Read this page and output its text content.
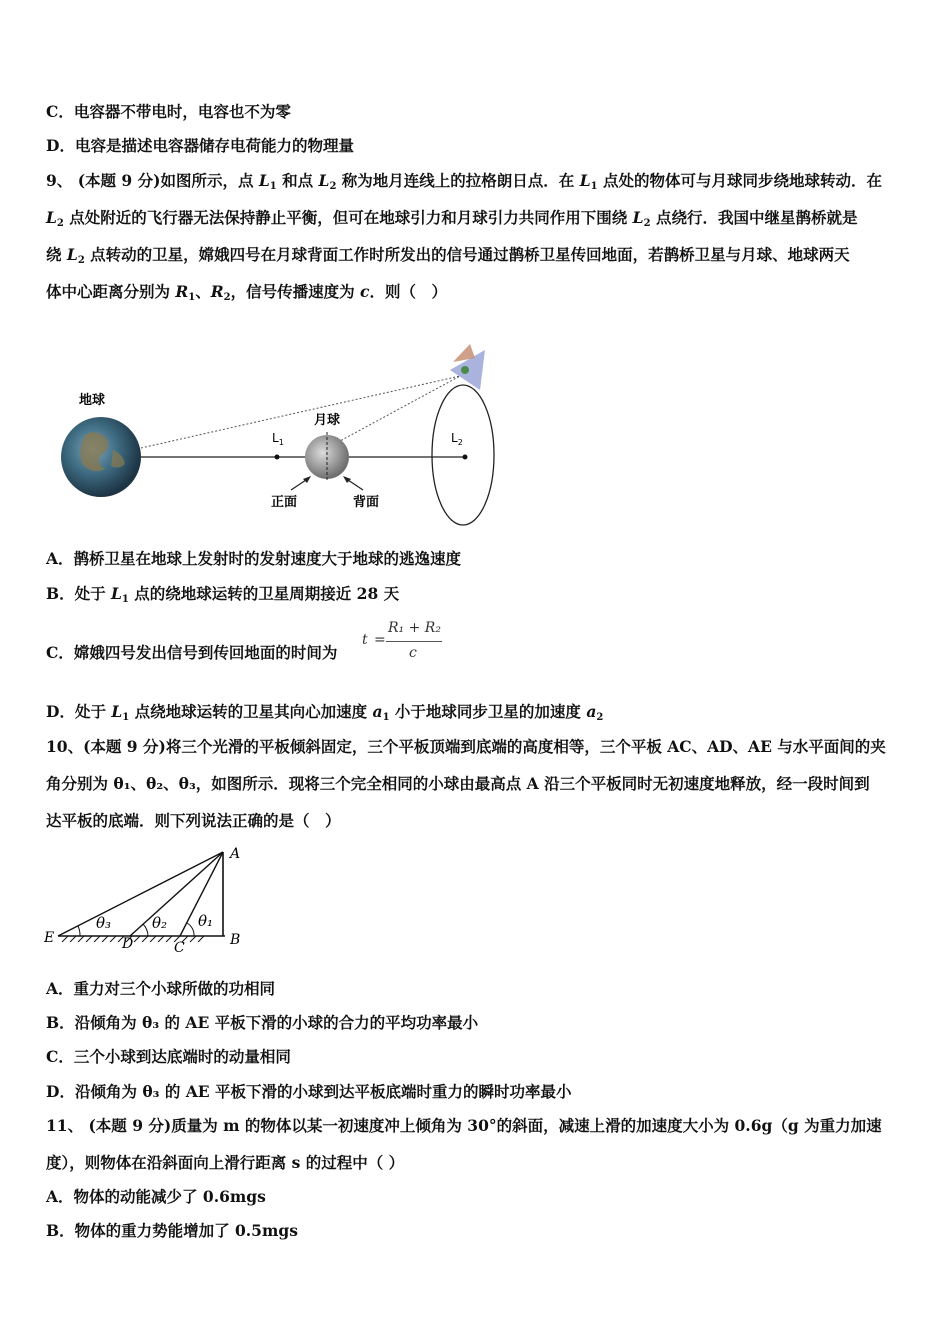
C．电容器不带电时，电容也不为零
D．电容是描述电容器储存电荷能力的物理量
9、 (本题 9 分)如图所示，点 $L_1$ 和点 $L_2$ 称为地月连线上的拉格朗日点．在 $L_1$ 点处的物体可与月球同步绕地球转动．在
$L_2$ 点处附近的飞行器无法保持静止平衡，但可在地球引力和月球引力共同作用下围绕 $L_2$ 点绕行．我国中继星鹊桥就是
绕 $L_2$ 点转动的卫星，嫦娥四号在月球背面工作时所发出的信号通过鹊桥卫星传回地面，若鹊桥卫星与月球、地球两天
体中心距离分别为 $R_1$、$R_2$，信号传播速度为 c．则（　）
地球
$L_1$
月球
$L_2$
正面	背面
A．鹊桥卫星在地球上发射时的发射速度大于地球的逃逸速度
B．处于 $L_1$ 点的绕地球运转的卫星周期接近 28 天
C．嫦娥四号发出信号到传回地面的时间为
t =
R₁ + R₂
c
D．处于 $L_1$ 点绕地球运转的卫星其向心加速度 $a_1$ 小于地球同步卫星的加速度 $a_2$
10、(本题 9 分)将三个光滑的平板倾斜固定，三个平板顶端到底端的高度相等，三个平板 AC、AD、AE 与水平面间的夹
角分别为 θ₁、θ₂、θ₃，如图所示．现将三个完全相同的小球由最高点 A 沿三个平板同时无初速度地释放，经一段时间到
达平板的底端．则下列说法正确的是（　）
A
B
C
D
E
θ₃	θ₂ θ₁
A．重力对三个小球所做的功相同
B．沿倾角为 θ₃ 的 AE 平板下滑的小球的合力的平均功率最小
C．三个小球到达底端时的动量相同
D．沿倾角为 θ₃ 的 AE 平板下滑的小球到达平板底端时重力的瞬时功率最小
11、 (本题 9 分)质量为 m 的物体以某一初速度冲上倾角为 30°的斜面，减速上滑的加速度大小为 0.6g（g 为重力加速
度），则物体在沿斜面向上滑行距离 s 的过程中（ ）
A．物体的动能减少了 0.6mgs
B．物体的重力势能增加了 0.5mgs
